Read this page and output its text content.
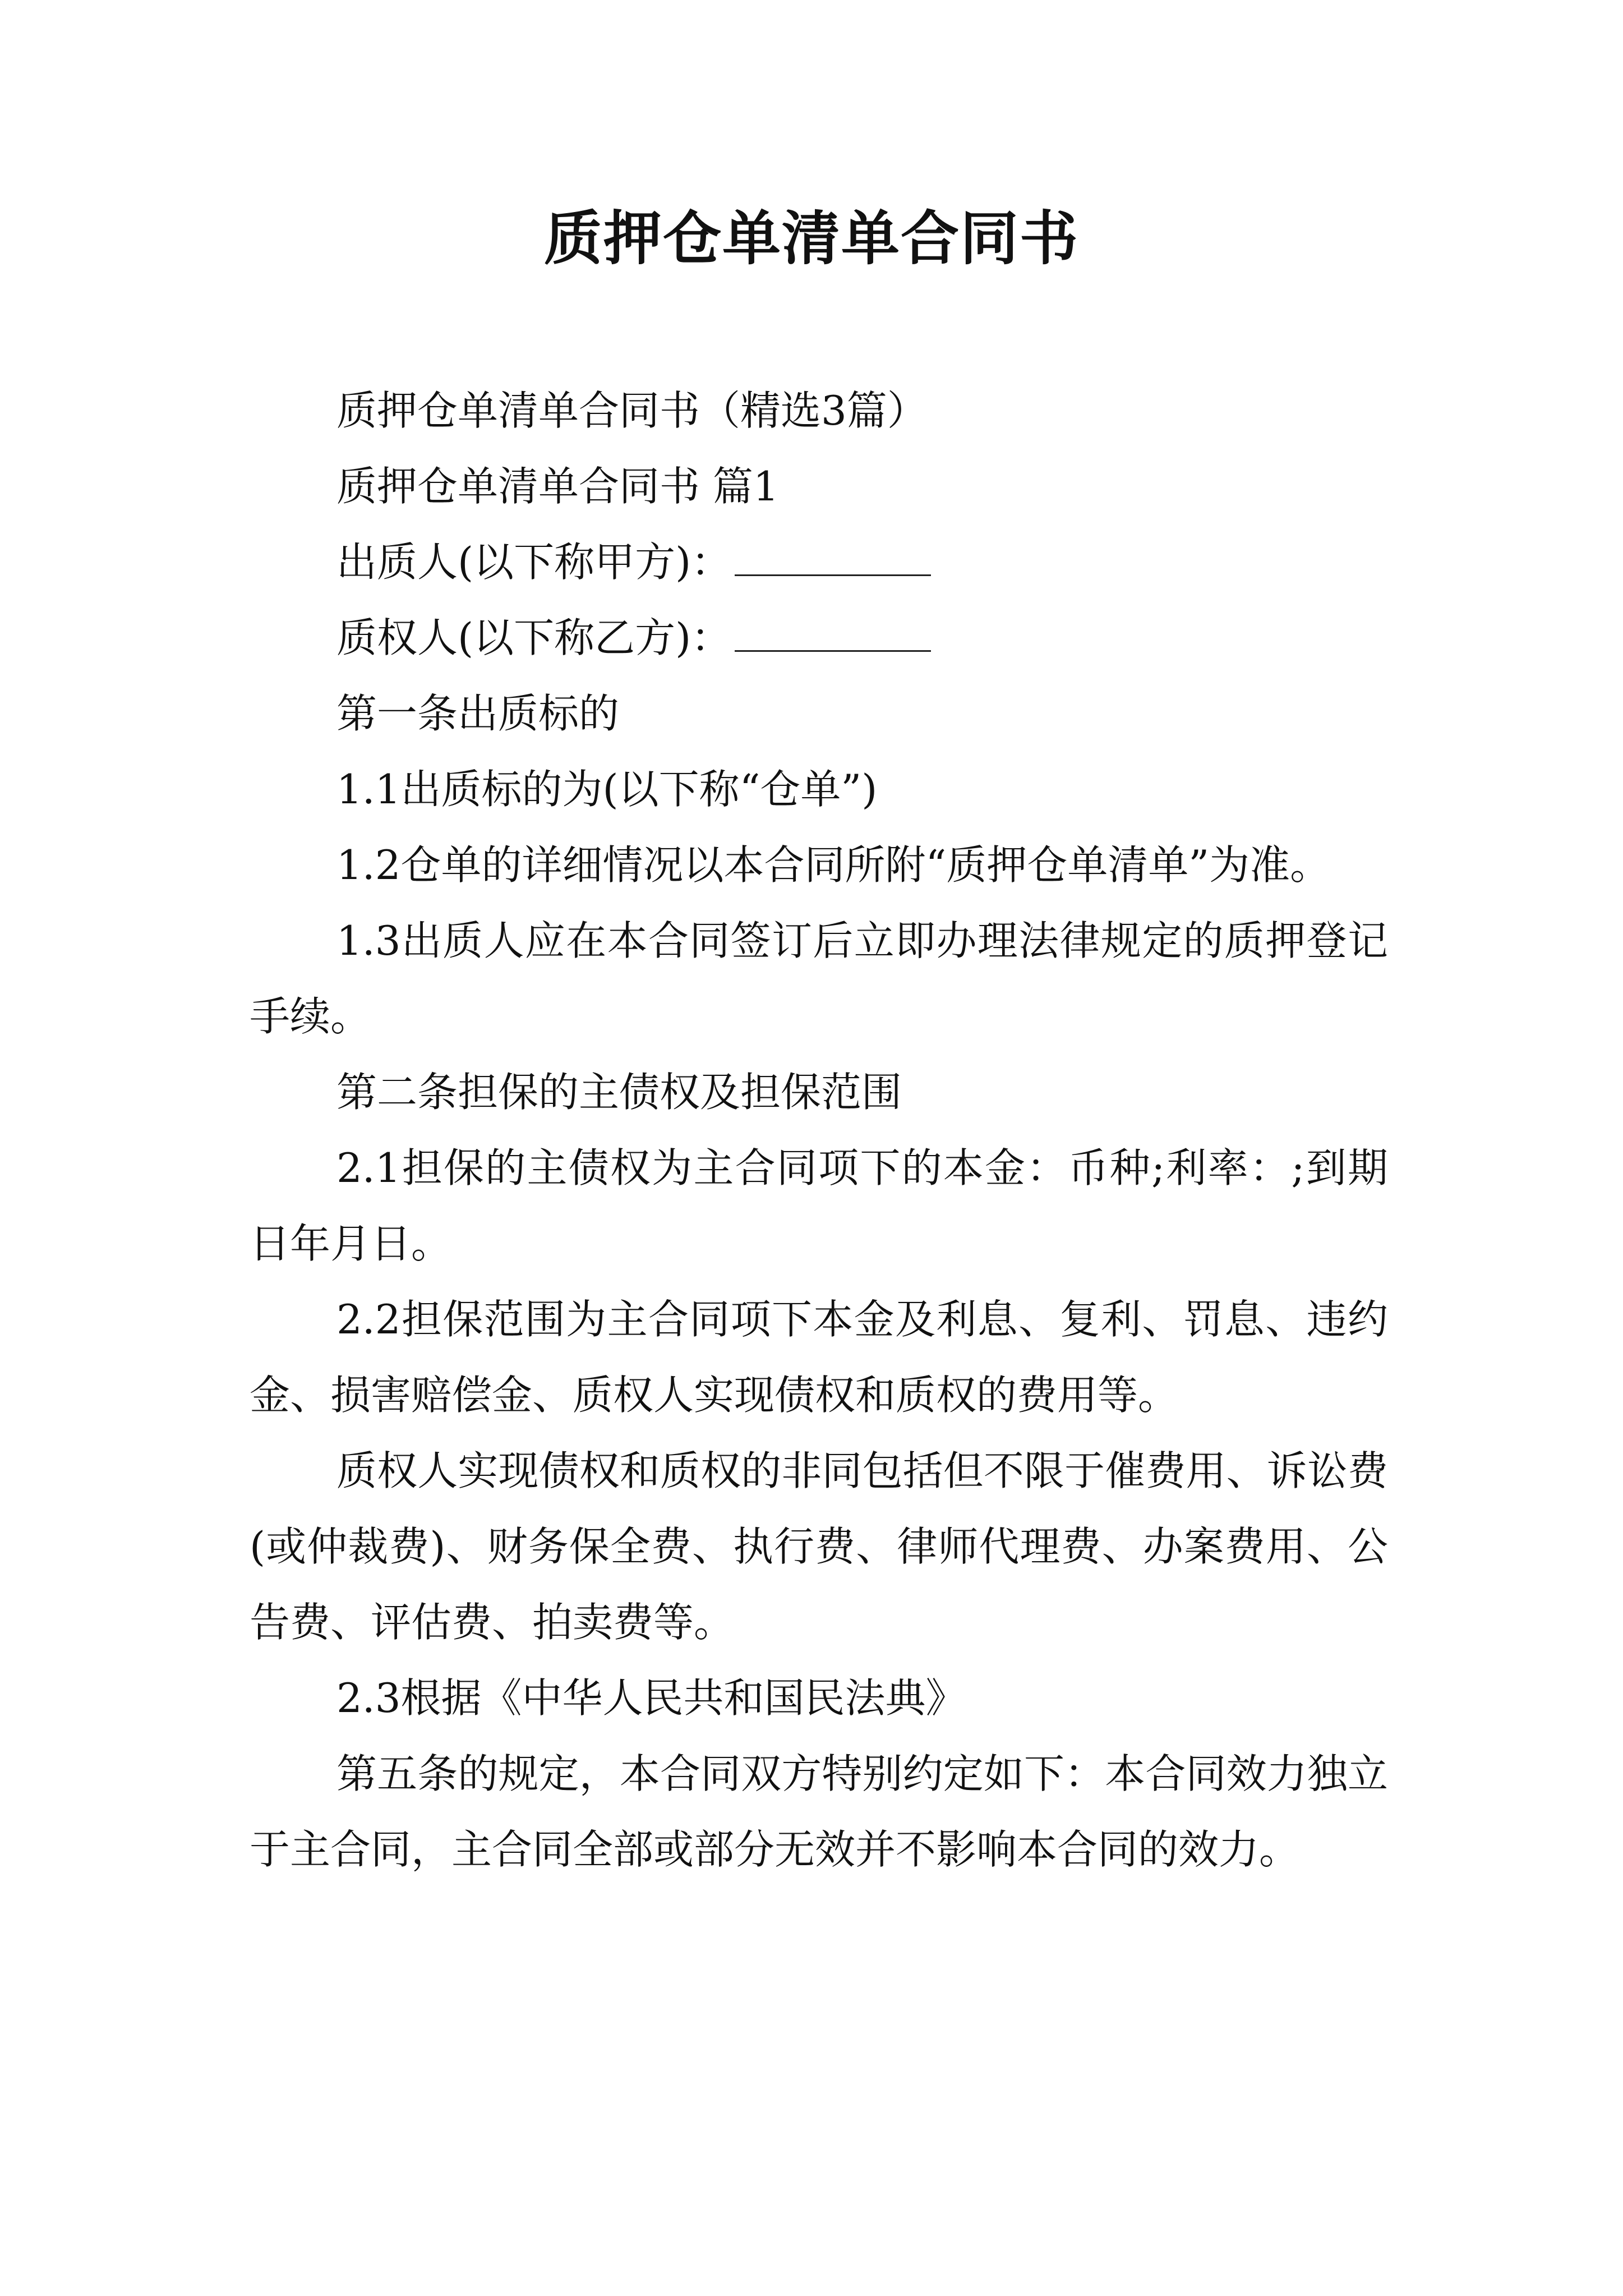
质押仓单清单合同书

质押仓单清单合同书（精选3篇）

质押仓单清单合同书 篇1

出质人(以下称甲方)：

质权人(以下称乙方)：

第一条出质标的

1.1出质标的为(以下称“仓单”)

1.2仓单的详细情况以本合同所附“质押仓单清单”为准。

1.3出质人应在本合同签订后立即办理法律规定的质押登记手续。

第二条担保的主债权及担保范围

2.1担保的主债权为主合同项下的本金：币种;利率：;到期日年月日。

2.2担保范围为主合同项下本金及利息、复利、罚息、违约金、损害赔偿金、质权人实现债权和质权的费用等。

质权人实现债权和质权的非同包括但不限于催费用、诉讼费(或仲裁费)、财务保全费、执行费、律师代理费、办案费用、公告费、评估费、拍卖费等。

2.3根据《中华人民共和国民法典》

第五条的规定，本合同双方特别约定如下：本合同效力独立于主合同，主合同全部或部分无效并不影响本合同的效力。
